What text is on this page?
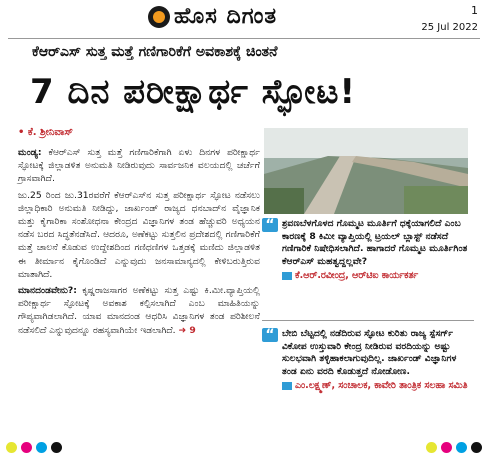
ಹೊಸ ದಿಗಂತ	1
25 Jul 2022
ಕೆಆರ್‌ಎಸ್ ಸುತ್ತ ಮತ್ತೆ ಗಣಿಗಾರಿಕೆಗೆ ಅವಕಾಶಕ್ಕೆ ಚಿಂತನೆ
7 ದಿನ ಪರೀಕ್ಷಾರ್ಥ ಸ್ಫೋಟ!
• ಕೆ. ಶ್ರೀನಿವಾಸ್

ಮಂಡ್ಯ: ಕೆಆರ್‌ಎಸ್ ಸುತ್ತ ಮತ್ತೆ ಗಣಿಗಾರಿಕೆಗಾಗಿ ಏಳು ದಿನಗಳ ಪರೀಕ್ಷಾರ್ಥ ಸ್ಫೋಟಕ್ಕೆ ಜಿಲ್ಲಾಡಳಿತ ಅನುಮತಿ ನೀಡಿರುವುದು ಸಾರ್ವಜನಿಕ ವಲಯದಲ್ಲಿ ಚರ್ಚೆಗೆ ಗ್ರಾಸವಾಗಿದೆ.

ಜು.25 ರಿಂದ ಜು.31ರವರೆಗೆ ಕೆಆರ್‌ಎಸ್‌ನ ಸುತ್ತ ಪರೀಕ್ಷಾರ್ಥ ಸ್ಫೋಟ ನಡೆಸಲು ಜಿಲ್ಲಾಧಿಕಾರಿ ಅನುಮತಿ ನೀಡಿದ್ದು, ಜಾರ್ಖಂಡ್ ರಾಜ್ಯದ ಧನಬಾದ್‌ನ ವೈಜ್ಞಾನಿಕ ಮತ್ತು ಕೈಗಾರಿಕಾ ಸಂಶೋಧನಾ ಕೇಂದ್ರದ ವಿಜ್ಞಾನಿಗಳ ತಂಡ ಹೆಚ್ಚುವರಿ ಅಧ್ಯಯನ ನಡೆಸ ಬರದ ಸಿದ್ಧತೆನಡೆಸಿದೆ. ಆದರೂ, ಅಣೆಕಟ್ಟು ಸುತ್ತಲಿನ ಪ್ರದೇಶದಲ್ಲಿ ಗಣಿಗಾರಿಕೆಗೆ ಮತ್ತೆ ಚಾಲನೆ ಕೊಡುವ ಉದ್ದೇಶದಿಂದ ಗಣಿಧಣಿಗಳ ಒತ್ತಡಕ್ಕೆ ಮಣಿದು ಜಿಲ್ಲಾಡಳಿತ ಈ ತೀರ್ಮಾನ ಕೈಗೊಂಡಿದೆ ಎನ್ನುವುದು ಜನಸಾಮಾನ್ಯದಲ್ಲಿ ಕೇಳಿಬರುತ್ತಿರುವ ಮಾತಾಗಿದೆ.

ಮಾನದಂಡವೇನು?: ಕೃಷ್ಣರಾಜಸಾಗರ ಅಣೆಕಟ್ಟು ಸುತ್ತ ಎಷ್ಟು ಕಿ.ಮೀ.ವ್ಯಾಪ್ತಿಯಲ್ಲಿ ಪರೀಕ್ಷಾರ್ಥ ಸ್ಫೋಟಕ್ಕೆ ಅವಕಾಶ ಕಲ್ಪಿಸಲಾಗಿದೆ ಎಂಬ ಮಾಹಿತಿಯನ್ನು ಗೌಪ್ಯವಾಗಿಡಲಾಗಿದೆ. ಯಾವ ಮಾನದಂಡ ಆಧರಿಸಿ ವಿಜ್ಞಾನಿಗಳ ತಂಡ ಪರಿಶೀಲನೆ ನಡೆಸಲಿದೆ ಎನ್ನುವುದನ್ನೂ ರಹಸ್ಯವಾಗಿಯೇ ಇಡಲಾಗಿದೆ. ➜ 9

“ ಶ್ರವಣಬೆಳಗೊಳದ ಗೊಮ್ಮಟ ಮೂರ್ತಿಗೆ ಧಕ್ಕೆಯಾಗಲಿದೆ ಎಂಬ ಕಾರಣಕ್ಕೆ 8 ಕಿಮೀ ವ್ಯಾಪ್ತಿಯಲ್ಲಿ ಟ್ರಯಲ್ ಬ್ಲಾಸ್ಟ್ ನಡೆಸದೆ ಗಣಿಗಾರಿಕೆ ನಿಷೇಧಿಸಲಾಗಿದೆ. ಹಾಗಾದರೆ ಗೊಮ್ಮಟ ಮೂರ್ತಿಗಿಂತ ಕೆಆರ್‌ಎಸ್ ಮಹತ್ವದ್ದಲ್ಲವೇ?
ಕೆ.ಆರ್.ರವೀಂದ್ರ, ಆರ್‌ಟಿಐ ಕಾರ್ಯಕರ್ತ
“ ಬೇಬಿ ಬೆಟ್ಟದಲ್ಲಿ ನಡೆದಿರುವ ಸ್ಫೋಟ ಕುರಿತು ರಾಜ್ಯ ಸ್ಪೆಸರ್ಗ್ ವಿಕೋಪ ಉಸ್ತುವಾರಿ ಕೇಂದ್ರ ನೀಡಿರುವ ವರದಿಯನ್ನು ಅಷ್ಟು ಸುಲಭವಾಗಿ ತಳ್ಳಿಹಾಕಲಾಗುವುದಿಲ್ಲ. ಜಾರ್ಖಂಡ್ ವಿಜ್ಞಾನಿಗಳ ತಂಡ ಏನು ವರದಿ ಕೊಡುತ್ತದೆ ನೋಡೋಣ.
ಎಂ.ಲಕ್ಷ್ಮಣ್, ಸಂಚಾಲಕ, ಕಾವೇರಿ ತಾಂತ್ರಿಕ ಸಲಹಾ ಸಮಿತಿ
